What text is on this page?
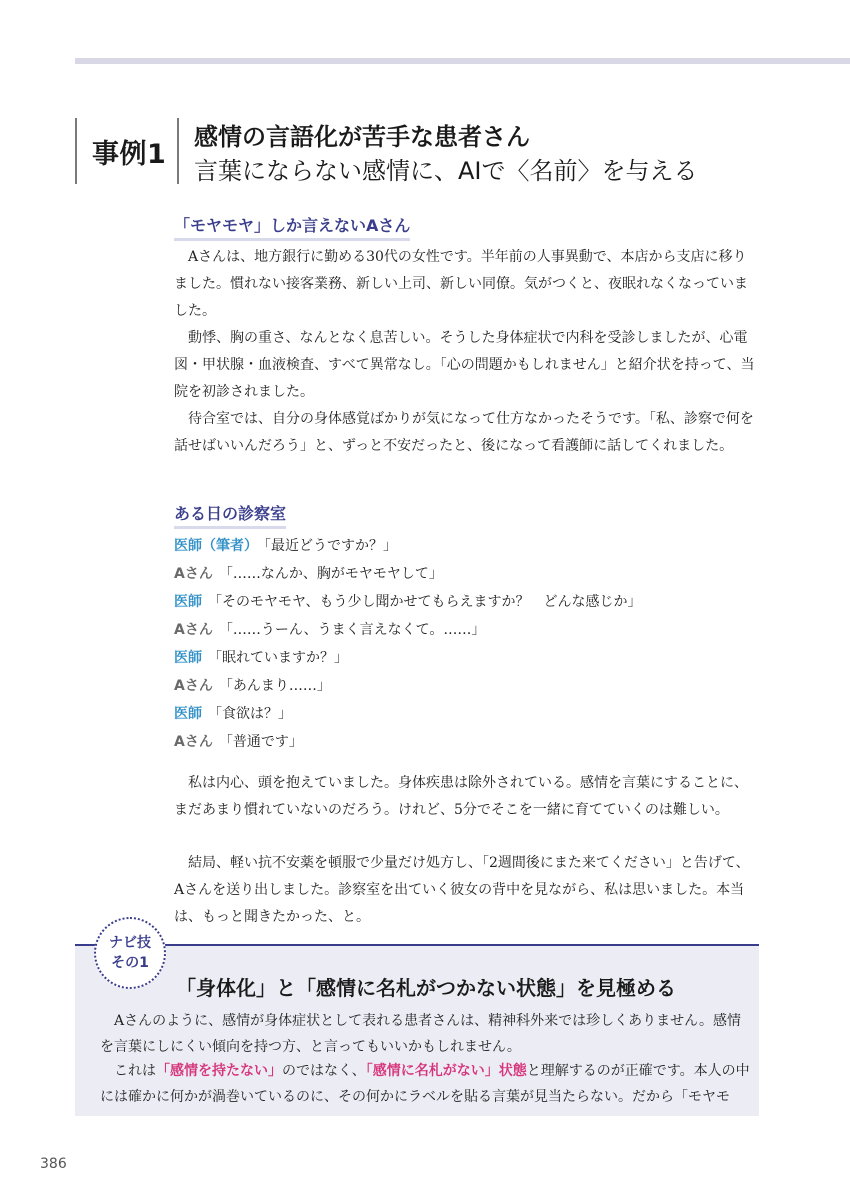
事例1
感情の言語化が苦手な患者さん
言葉にならない感情に、AIで〈名前〉を与える
「モヤモヤ」しか言えないAさん

Aさんは、地方銀行に勤める30代の女性です。半年前の人事異動で、本店から支店に移りました。慣れない接客業務、新しい上司、新しい同僚。気がつくと、夜眠れなくなっていました。

動悸、胸の重さ、なんとなく息苦しい。そうした身体症状で内科を受診しましたが、心電図・甲状腺・血液検査、すべて異常なし。「心の問題かもしれません」と紹介状を持って、当院を初診されました。

待合室では、自分の身体感覚ばかりが気になって仕方なかったそうです。「私、診察で何を話せばいいんだろう」と、ずっと不安だったと、後になって看護師に話してくれました。

ある日の診察室
医師（筆者） 「最近どうですか？」
Aさん 「……なんか、胸がモヤモヤして」
医師 「そのモヤモヤ、もう少し聞かせてもらえますか？　どんな感じか」
Aさん 「……うーん、うまく言えなくて。……」
医師 「眠れていますか？」
Aさん 「あんまり……」
医師 「食欲は？」
Aさん 「普通です」

私は内心、頭を抱えていました。身体疾患は除外されている。感情を言葉にすることに、まだあまり慣れていないのだろう。けれど、5分でそこを一緒に育てていくのは難しい。

結局、軽い抗不安薬を頓服で少量だけ処方し、「2週間後にまた来てください」と告げて、Aさんを送り出しました。診察室を出ていく彼女の背中を見ながら、私は思いました。本当は、もっと聞きたかった、と。

ナビ技
その1
「身体化」と「感情に名札がつかない状態」を見極める

Aさんのように、感情が身体症状として表れる患者さんは、精神科外来では珍しくありません。感情を言葉にしにくい傾向を持つ方、と言ってもいいかもしれません。

これは「感情を持たない」のではなく、「感情に名札がない」状態と理解するのが正確です。本人の中には確かに何かが渦巻いているのに、その何かにラベルを貼る言葉が見当たらない。だから「モヤモ

386
